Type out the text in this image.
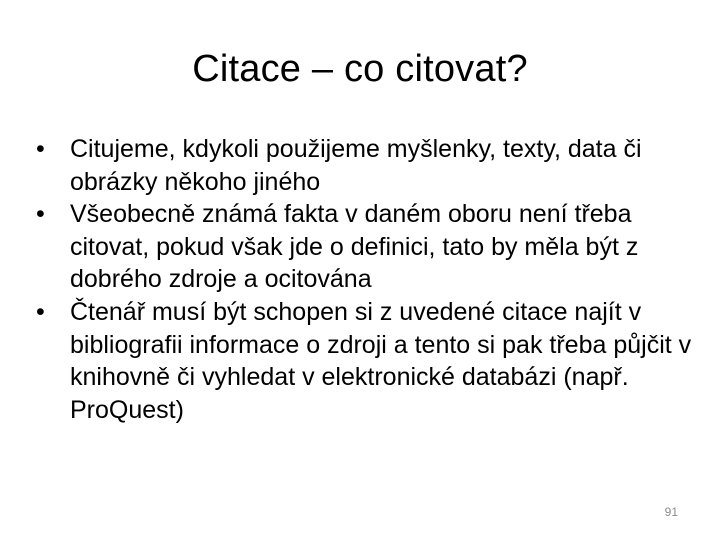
Citace – co citovat?
•	Citujeme, kdykoli použijeme myšlenky, texty, data či obrázky někoho jiného
•	Všeobecně známá fakta v daném oboru není třeba citovat, pokud však jde o definici, tato by měla být z dobrého zdroje a ocitována
•	Čtenář musí být schopen si z uvedené citace najít v bibliografii informace o zdroji a tento si pak třeba půjčit v knihovně či vyhledat v elektronické databázi (např. ProQuest)
91
